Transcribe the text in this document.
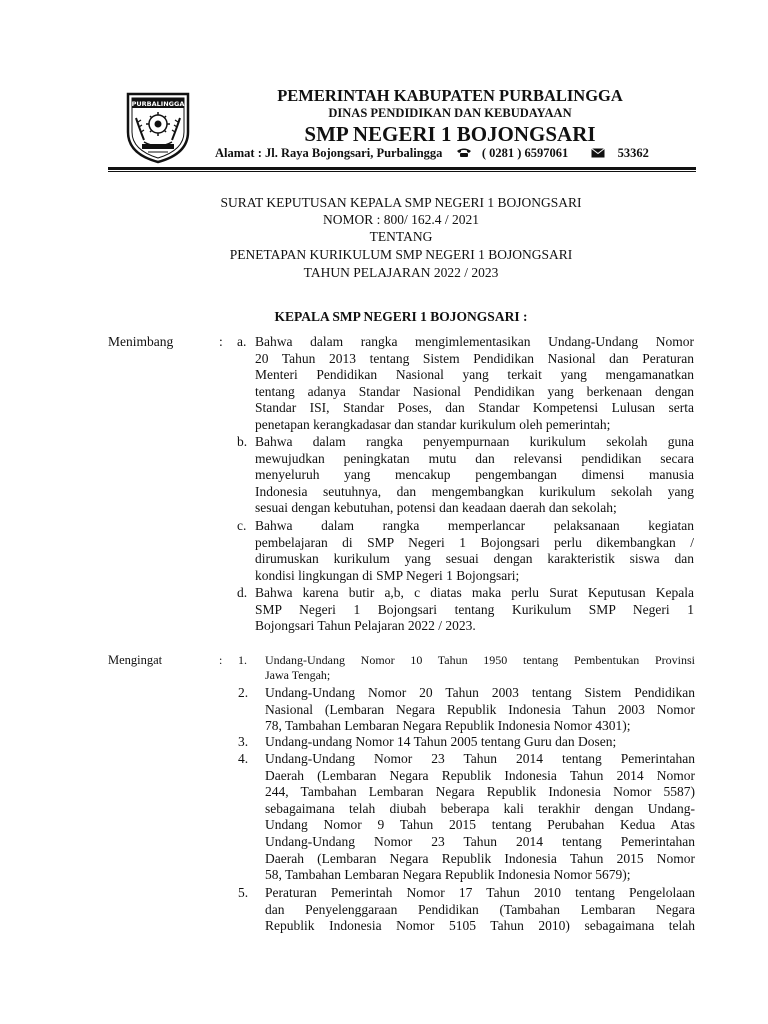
PURBALINGGA	PEMERINTAH KABUPATEN PURBALINGGA
DINAS PENDIDIKAN DAN KEBUDAYAAN
SMP NEGERI 1 BOJONGSARI
Alamat : Jl. Raya Bojongsari, Purbalingga	( 0281 ) 6597061	53362
SURAT KEPUTUSAN KEPALA SMP NEGERI 1 BOJONGSARI
NOMOR : 800/ 162.4 / 2021
TENTANG
PENETAPAN KURIKULUM SMP NEGERI 1 BOJONGSARI
TAHUN PELAJARAN 2022 / 2023
KEPALA SMP NEGERI 1 BOJONGSARI :
Menimbang	: a. Bahwa dalam rangka mengimlementasikan Undang-Undang Nomor
20 Tahun 2013 tentang Sistem Pendidikan Nasional dan Peraturan
Menteri Pendidikan Nasional yang terkait yang mengamanatkan
tentang adanya Standar Nasional Pendidikan yang berkenaan dengan
Standar ISI, Standar Poses, dan Standar Kompetensi Lulusan serta
penetapan kerangkadasar dan standar kurikulum oleh pemerintah;
b. Bahwa dalam rangka penyempurnaan kurikulum sekolah guna
mewujudkan peningkatan mutu dan relevansi pendidikan secara
menyeluruh yang mencakup pengembangan dimensi manusia
Indonesia seutuhnya, dan mengembangkan kurikulum sekolah yang
sesuai dengan kebutuhan, potensi dan keadaan daerah dan sekolah;
c. Bahwa dalam rangka memperlancar pelaksanaan kegiatan
pembelajaran di SMP Negeri 1 Bojongsari perlu dikembangkan /
dirumuskan kurikulum yang sesuai dengan karakteristik siswa dan
kondisi lingkungan di SMP Negeri 1 Bojongsari;
d. Bahwa karena butir a,b, c diatas maka perlu Surat Keputusan Kepala
SMP Negeri 1 Bojongsari tentang Kurikulum SMP Negeri 1
Bojongsari Tahun Pelajaran 2022 / 2023.
Mengingat	: 1. Undang-Undang Nomor 10 Tahun 1950 tentang Pembentukan Provinsi
Jawa Tengah;
2. Undang-Undang Nomor 20 Tahun 2003 tentang Sistem Pendidikan
Nasional (Lembaran Negara Republik Indonesia Tahun 2003 Nomor
78, Tambahan Lembaran Negara Republik Indonesia Nomor 4301);
3. Undang-undang Nomor 14 Tahun 2005 tentang Guru dan Dosen;
4. Undang-Undang Nomor 23 Tahun 2014 tentang Pemerintahan
Daerah (Lembaran Negara Republik Indonesia Tahun 2014 Nomor
244, Tambahan Lembaran Negara Republik Indonesia Nomor 5587)
sebagaimana telah diubah beberapa kali terakhir dengan Undang-
Undang Nomor 9 Tahun 2015 tentang Perubahan Kedua Atas
Undang-Undang Nomor 23 Tahun 2014 tentang Pemerintahan
Daerah (Lembaran Negara Republik Indonesia Tahun 2015 Nomor
58, Tambahan Lembaran Negara Republik Indonesia Nomor 5679);
5. Peraturan Pemerintah Nomor 17 Tahun 2010 tentang Pengelolaan
dan Penyelenggaraan Pendidikan (Tambahan Lembaran Negara
Republik Indonesia Nomor 5105 Tahun 2010) sebagaimana telah
